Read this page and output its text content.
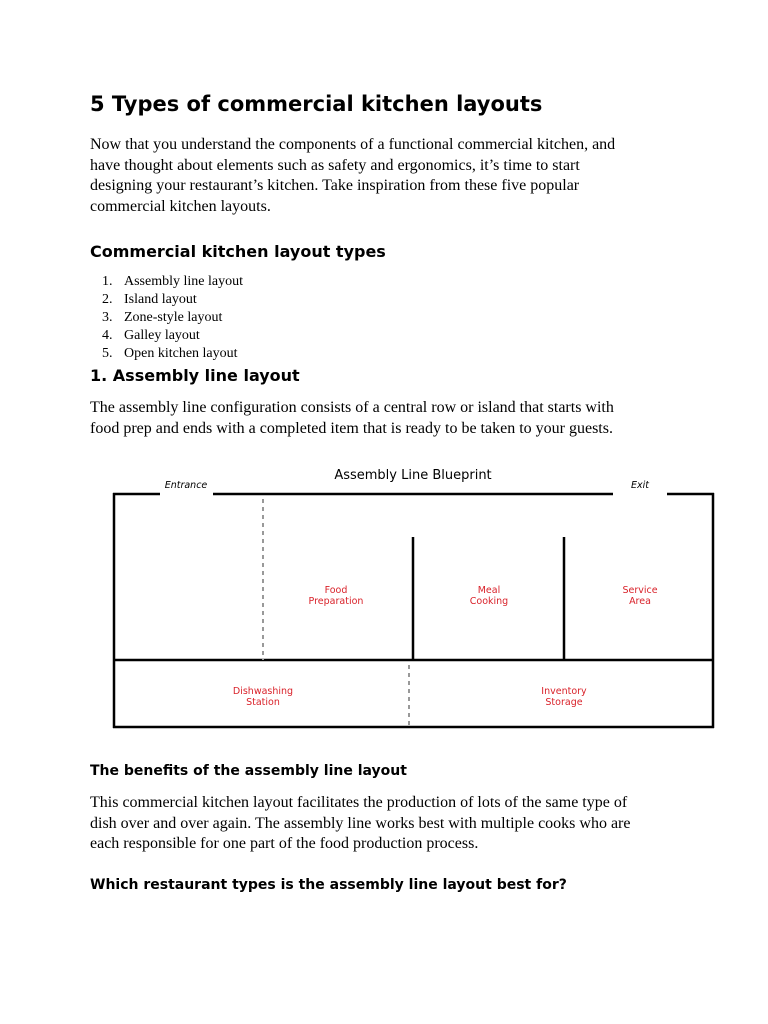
5 Types of commercial kitchen layouts
Now that you understand the components of a functional commercial kitchen, and
have thought about elements such as safety and ergonomics, it’s time to start
designing your restaurant’s kitchen. Take inspiration from these five popular
commercial kitchen layouts.
Commercial kitchen layout types
1. Assembly line layout
2. Island layout
3. Zone-style layout
4. Galley layout
5. Open kitchen layout
1. Assembly line layout
The assembly line configuration consists of a central row or island that starts with
food prep and ends with a completed item that is ready to be taken to your guests.
Assembly Line Blueprint
Entrance	Exit
Food
Preparation
Meal
Cooking
Service
Area
Dishwashing
Station
Inventory
Storage
The benefits of the assembly line layout
This commercial kitchen layout facilitates the production of lots of the same type of
dish over and over again. The assembly line works best with multiple cooks who are
each responsible for one part of the food production process.
Which restaurant types is the assembly line layout best for?
